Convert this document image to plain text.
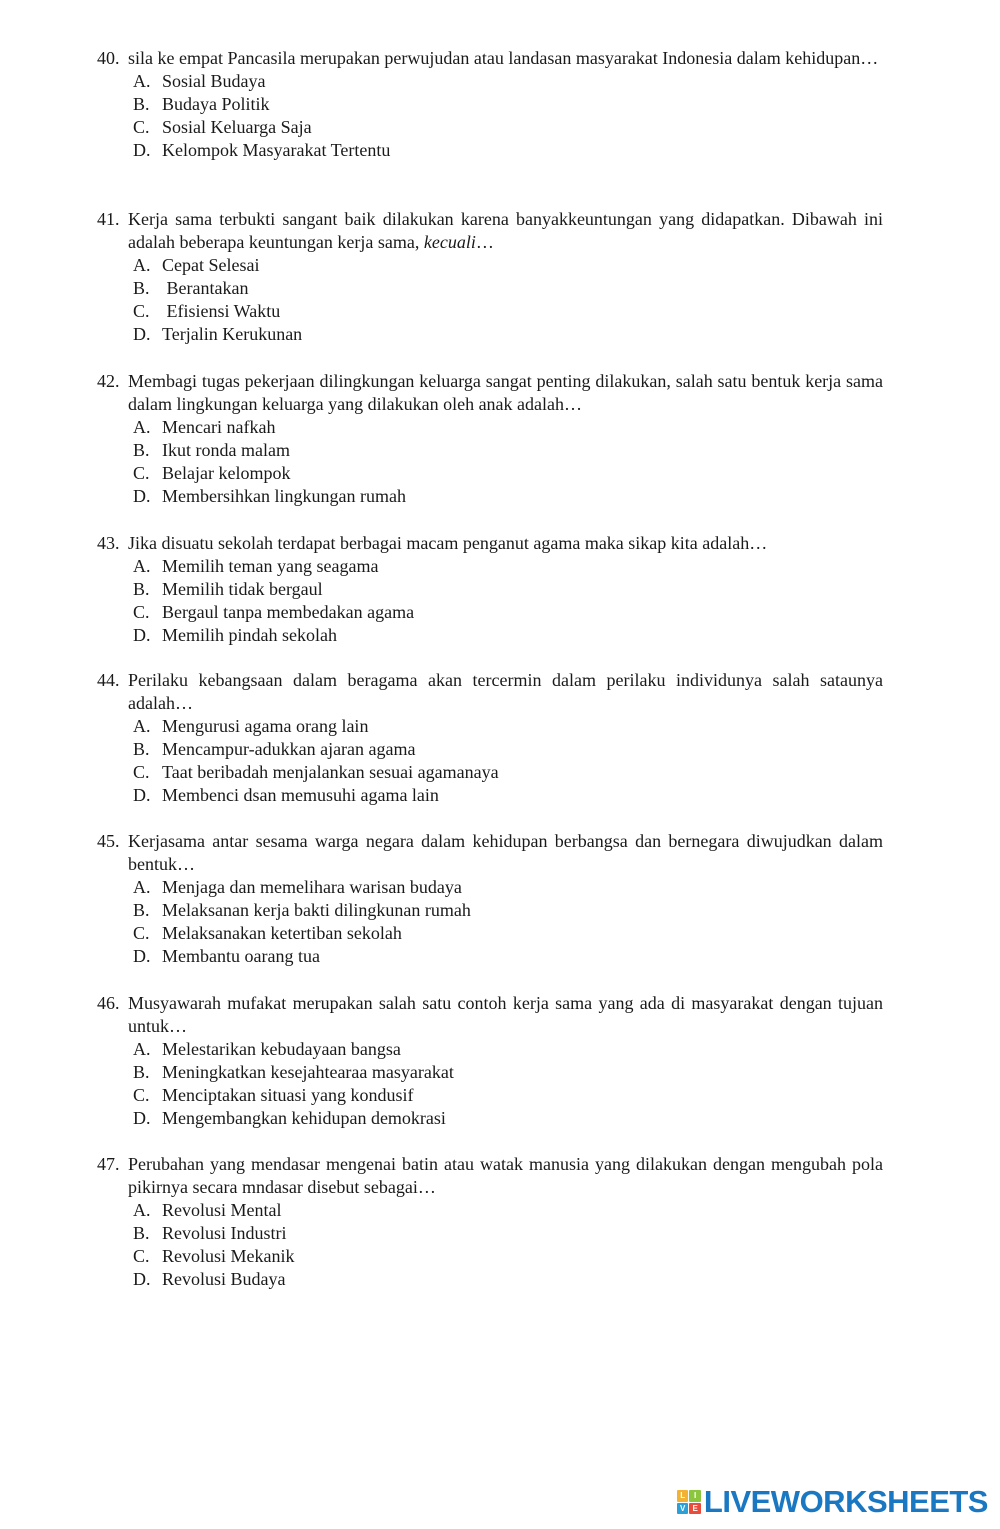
40. sila ke empat Pancasila merupakan perwujudan atau landasan masyarakat Indonesia dalam kehidupan…
A. Sosial Budaya
B. Budaya Politik
C. Sosial Keluarga Saja
D. Kelompok Masyarakat Tertentu
41. Kerja sama terbukti sangant baik dilakukan karena banyakkeuntungan yang didapatkan. Dibawah ini adalah beberapa keuntungan kerja sama, kecuali…
A. Cepat Selesai
B. Berantakan
C. Efisiensi Waktu
D. Terjalin Kerukunan
42. Membagi tugas pekerjaan dilingkungan keluarga sangat penting dilakukan, salah satu bentuk kerja sama dalam lingkungan keluarga yang dilakukan oleh anak adalah…
A. Mencari nafkah
B. Ikut ronda malam
C. Belajar kelompok
D. Membersihkan lingkungan rumah
43. Jika disuatu sekolah terdapat berbagai macam penganut agama maka sikap kita adalah…
A. Memilih teman yang seagama
B. Memilih tidak bergaul
C. Bergaul tanpa membedakan agama
D. Memilih pindah sekolah
44. Perilaku kebangsaan dalam beragama akan tercermin dalam perilaku individunya salah sataunya adalah…
A. Mengurusi agama orang lain
B. Mencampur-adukkan ajaran agama
C. Taat beribadah menjalankan sesuai agamanaya
D. Membenci dsan memusuhi agama lain
45. Kerjasama antar sesama warga negara dalam kehidupan berbangsa dan bernegara diwujudkan dalam bentuk…
A. Menjaga dan memelihara warisan budaya
B. Melaksanan kerja bakti dilingkunan rumah
C. Melaksanakan ketertiban sekolah
D. Membantu oarang tua
46. Musyawarah mufakat merupakan salah satu contoh kerja sama yang ada di masyarakat dengan tujuan untuk…
A. Melestarikan kebudayaan bangsa
B. Meningkatkan kesejahtearaa masyarakat
C. Menciptakan situasi yang kondusif
D. Mengembangkan kehidupan demokrasi
47. Perubahan yang mendasar mengenai batin atau watak manusia yang dilakukan dengan mengubah pola pikirnya secara mndasar disebut sebagai…
A. Revolusi Mental
B. Revolusi Industri
C. Revolusi Mekanik
D. Revolusi Budaya
L	I
V E LIVEWORKSHEETS
